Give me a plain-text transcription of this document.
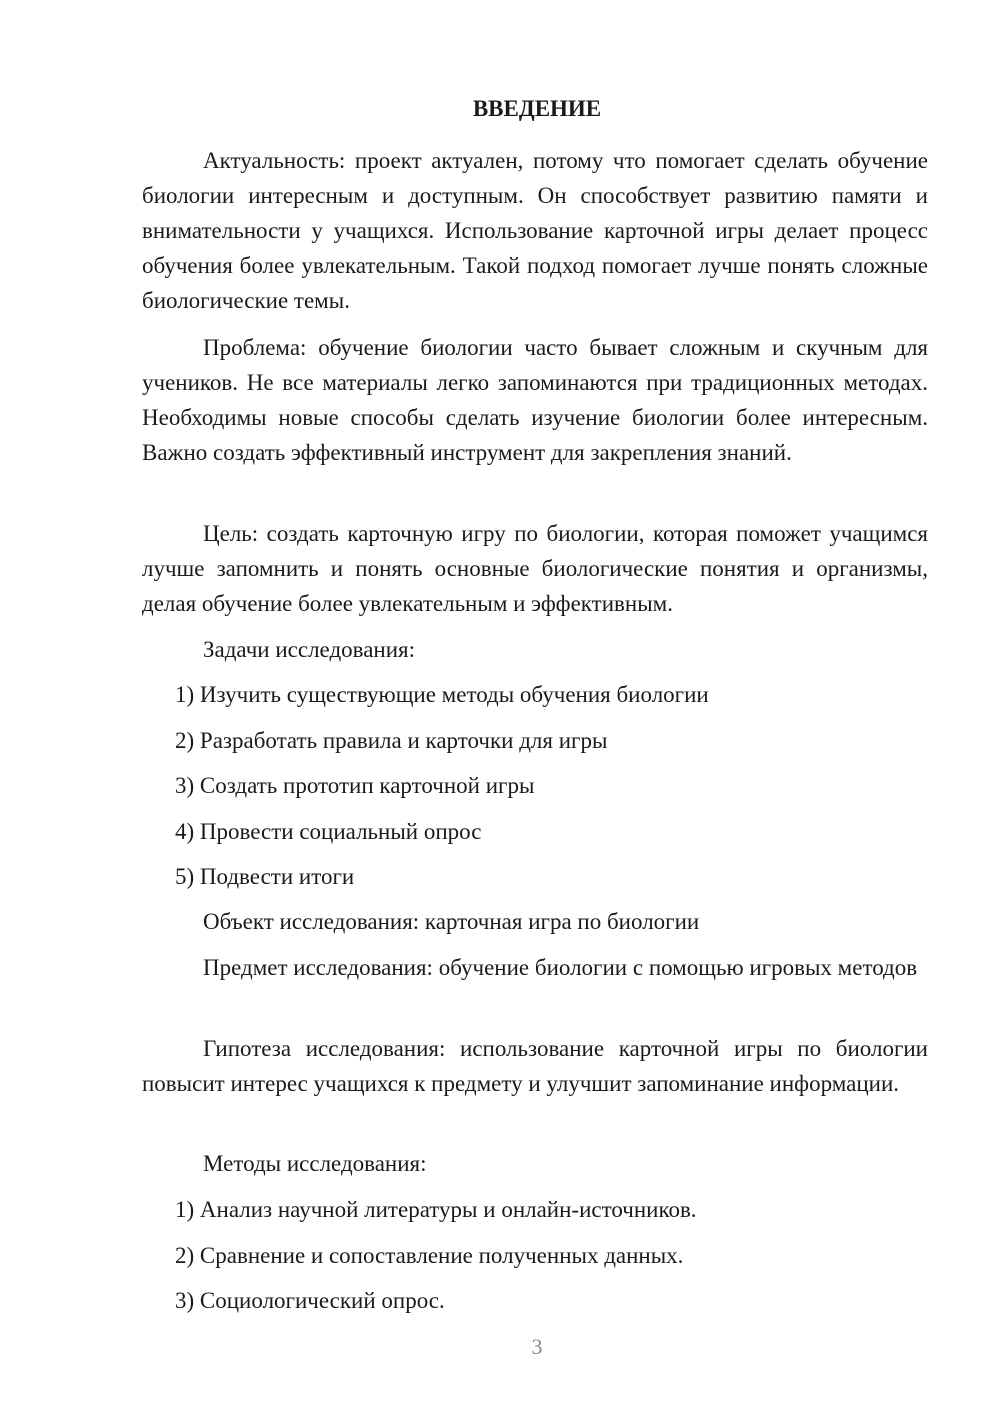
ВВЕДЕНИЕ

Актуальность: проект актуален, потому что помогает сделать обучение биологии интересным и доступным. Он способствует развитию памяти и внимательности у учащихся. Использование карточной игры делает процесс обучения более увлекательным. Такой подход помогает лучше понять сложные биологические темы.

Проблема: обучение биологии часто бывает сложным и скучным для учеников. Не все материалы легко запоминаются при традиционных методах. Необходимы новые способы сделать изучение биологии более интересным. Важно создать эффективный инструмент для закрепления знаний.

Цель: создать карточную игру по биологии, которая поможет учащимся лучше запомнить и понять основные биологические понятия и организмы, делая обучение более увлекательным и эффективным.

Задачи исследования:
1) Изучить существующие методы обучения биологии
2) Разработать правила и карточки для игры
3) Создать прототип карточной игры
4) Провести социальный опрос
5) Подвести итоги
Объект исследования: карточная игра по биологии

Предмет исследования: обучение биологии с помощью игровых методов

Гипотеза исследования: использование карточной игры по биологии повысит интерес учащихся к предмету и улучшит запоминание информации.

Методы исследования:
1) Анализ научной литературы и онлайн-источников.
2) Сравнение и сопоставление полученных данных.
3) Социологический опрос.
3
